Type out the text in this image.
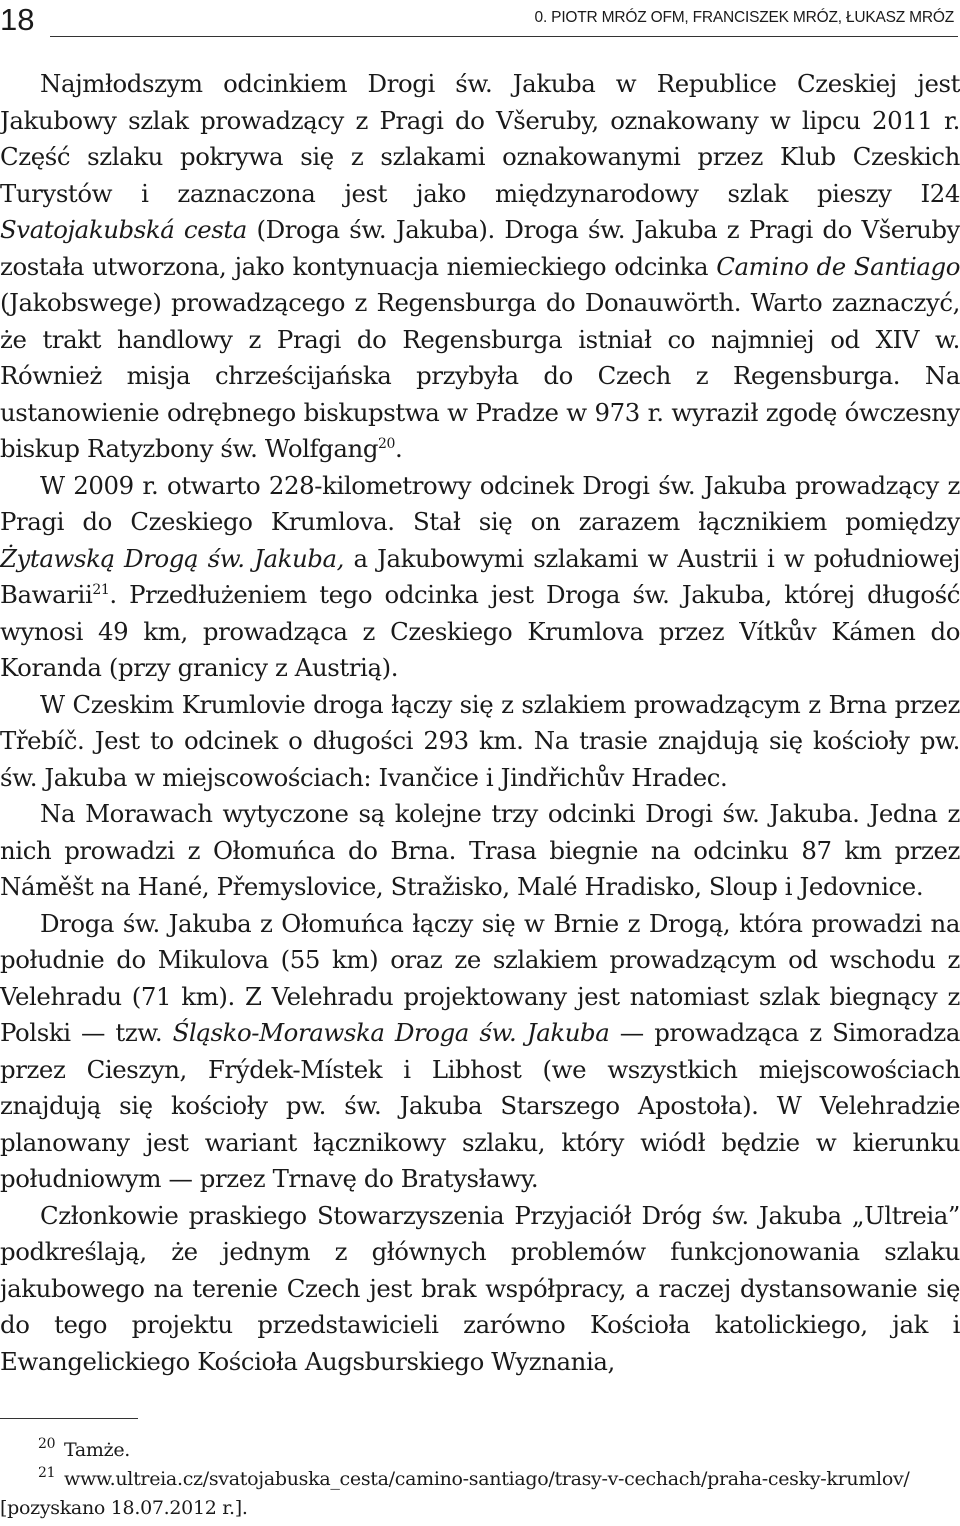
18	0. PIOTR MRÓZ OFM, FRANCISZEK MRÓZ, ŁUKASZ MRÓZ

Najmłodszym odcinkiem Drogi św. Jakuba w Republice Czeskiej jest Jakubowy szlak prowadzący z Pragi do Všeruby, oznakowany w lipcu 2011 r. Część szlaku pokrywa się z szlakami oznakowanymi przez Klub Czeskich Turystów i zaznaczona jest jako międzynarodowy szlak pieszy I24 Svatojakubská cesta (Droga św. Jakuba). Droga św. Jakuba z Pragi do Všeruby została utworzona, jako kontynuacja niemieckiego odcinka Camino de Santiago (Jakobswege) prowadzącego z Regensburga do Donauwörth. Warto zaznaczyć, że trakt handlowy z Pragi do Regensburga istniał co najmniej od XIV w. Również misja chrześcijańska przybyła do Czech z Regensburga. Na ustanowienie odrębnego biskupstwa w Pradze w 973 r. wyraził zgodę ówczesny biskup Ratyzbony św. Wolfgang$^{20}$.

W 2009 r. otwarto 228-kilometrowy odcinek Drogi św. Jakuba prowadzący z Pragi do Czeskiego Krumlova. Stał się on zarazem łącznikiem pomiędzy Żytawską Drogą św. Jakuba, a Jakubowymi szlakami w Austrii i w południowej Bawarii$^{21}$. Przedłużeniem tego odcinka jest Droga św. Jakuba, której długość wynosi 49 km, prowadząca z Czeskiego Krumlova przez Vítkův Kámen do Koranda (przy granicy z Austrią).

W Czeskim Krumlovie droga łączy się z szlakiem prowadzącym z Brna przez Třebíč. Jest to odcinek o długości 293 km. Na trasie znajdują się kościoły pw. św. Jakuba w miejscowościach: Ivančice i Jindřichův Hradec.

Na Morawach wytyczone są kolejne trzy odcinki Drogi św. Jakuba. Jedna z nich prowadzi z Ołomuńca do Brna. Trasa biegnie na odcinku 87 km przez Náměšt na Hané, Přemyslovice, Stražisko, Malé Hradisko, Sloup i Jedovnice.

Droga św. Jakuba z Ołomuńca łączy się w Brnie z Drogą, która prowadzi na południe do Mikulova (55 km) oraz ze szlakiem prowadzącym od wschodu z Velehradu (71 km). Z Velehradu projektowany jest natomiast szlak biegnący z Polski — tzw. Śląsko-Morawska Droga św. Jakuba — prowadząca z Simoradza przez Cieszyn, Frýdek-Místek i Libhost (we wszystkich miejscowościach znajdują się kościoły pw. św. Jakuba Starszego Apostoła). W Velehradzie planowany jest wariant łącznikowy szlaku, który wiódł będzie w kierunku południowym — przez Trnavę do Bratysławy.

Członkowie praskiego Stowarzyszenia Przyjaciół Dróg św. Jakuba „Ultreia” podkreślają, że jednym z głównych problemów funkcjonowania szlaku jakubowego na terenie Czech jest brak współpracy, a raczej dystansowanie się do tego projektu przedstawicieli zarówno Kościoła katolickiego, jak i Ewangelickiego Kościoła Augsburskiego Wyznania,

20 Tamże.

21 www.ultreia.cz/svatojabuska_cesta/camino-santiago/trasy-v-cechach/praha-cesky-krumlov/ [pozyskano 18.07.2012 r.].
